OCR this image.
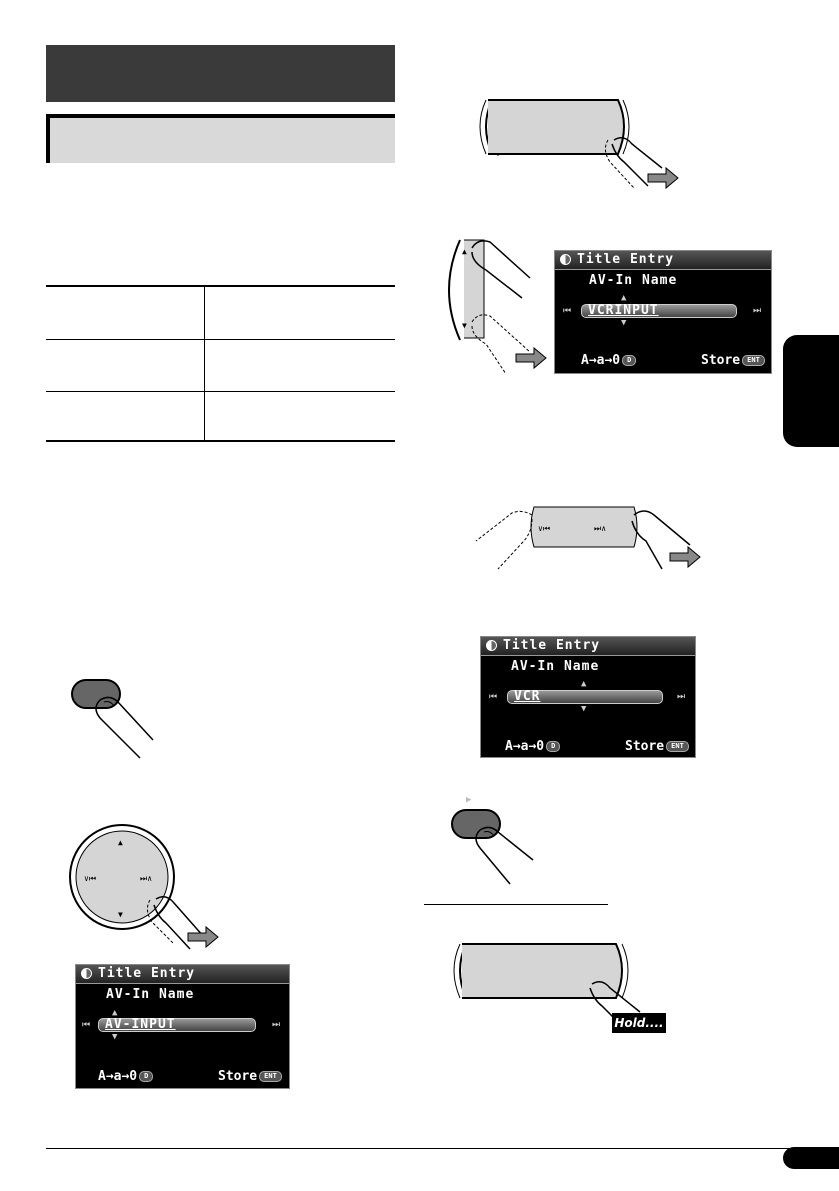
▲
▼
∨⏮	⏭∧
Title Entry
AV-In Name
▲
⏮ AV-INPUT	⏭
▼
A→a→0 D	Store ENT
▲
▼
Title Entry
AV-In Name
▲
⏮ VCRINPUT	⏭
▼
A→a→0 D	Store ENT
∨⏮	⏭∧
Title Entry
AV-In Name
▲
⏮ VCR	⏭
▼
A→a→0 D	Store ENT
▶
Hold....
